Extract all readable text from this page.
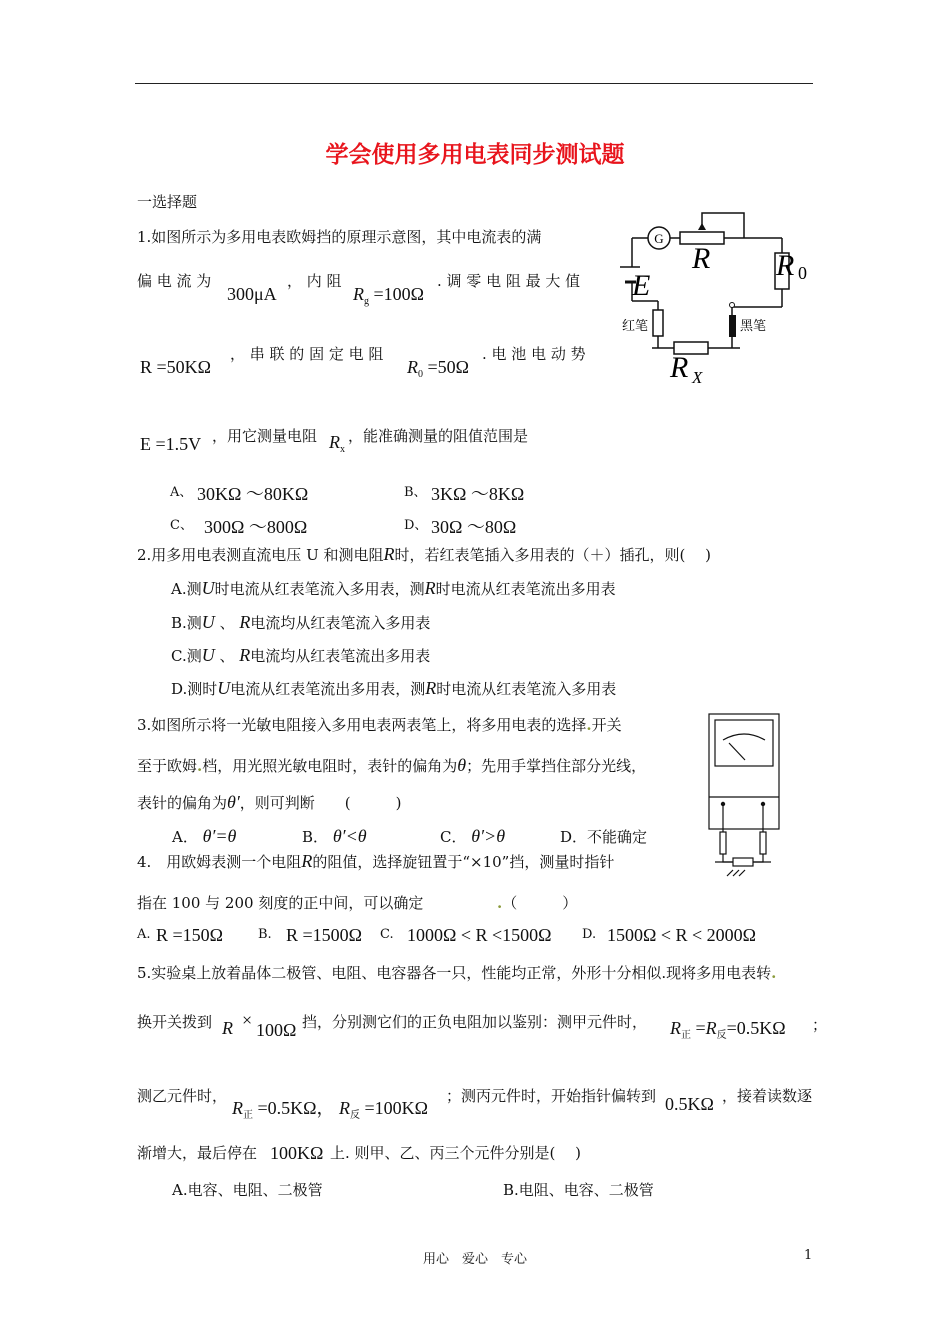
学会使用多用电表同步测试题
一选择题
1.如图所示为多用电表欧姆挡的原理示意图，其中电流表的满
偏 电 流 为
300μA
， 内 阻
$R_g =100\Omega$
. 调 零 电 阻 最 大 值
R =50KΩ
， 串 联 的 固 定 电 阻
$R_0 =50\Omega$
. 电 池 电 动 势
E =1.5V ，用它测量电阻 $R_x$
，能准确测量的阻值范围是
A、 30KΩ ～80KΩ	B、 3KΩ ～8KΩ
C、 300Ω ～800Ω	D、 30Ω ～80Ω
G
R R 0
E
R X
红笔	黑笔
2.用多用电表测直流电压 U 和测电阻R时，若红表笔插入多用表的（＋）插孔，则(　 )
A.测U时电流从红表笔流入多用表，测R时电流从红表笔流出多用表
B.测U 、 R电流均从红表笔流入多用表
C.测U 、 R电流均从红表笔流出多用表
D.测时U电流从红表笔流出多用表，测R时电流从红表笔流入多用表
3.如图所示将一光敏电阻接入多用电表两表笔上，将多用电表的选择.开关
至于欧姆.档，用光照光敏电阻时，表针的偏角为θ；先用手掌挡住部分光线，
表针的偏角为θ′，则可判断　　(　　　)
A． θ′=θ	B． θ′<θ	C． θ′>θ	D．不能确定
4.　用欧姆表测一个电阻R的阻值，选择旋钮置于“×10”挡，测量时指针
指在 100 与 200 刻度的正中间，可以确定	.（　　　）
A. R =150Ω	B. R =1500Ω C. 1000Ω < R <1500Ω D. 1500Ω < R < 2000Ω
5.实验桌上放着晶体二极管、电阻、电容器各一只，性能均正常，外形十分相似.现将多用电表转.
换开关拨到 R × 100Ω 挡，分别测它们的正负电阻加以鉴别：测甲元件时， $R_正 =R_反=0.5K\Omega$ ；
测乙元件时，
$R_正 =0.5K\Omega$， $R_反 =100K\Omega$
；测丙元件时，开始指针偏转到 0.5KΩ ，接着读数逐
渐增大，最后停在 100KΩ 上. 则甲、乙、丙三个元件分别是(　 )
A.电容、电阻、二极管	B.电阻、电容、二极管
用心　爱心　专心	1
